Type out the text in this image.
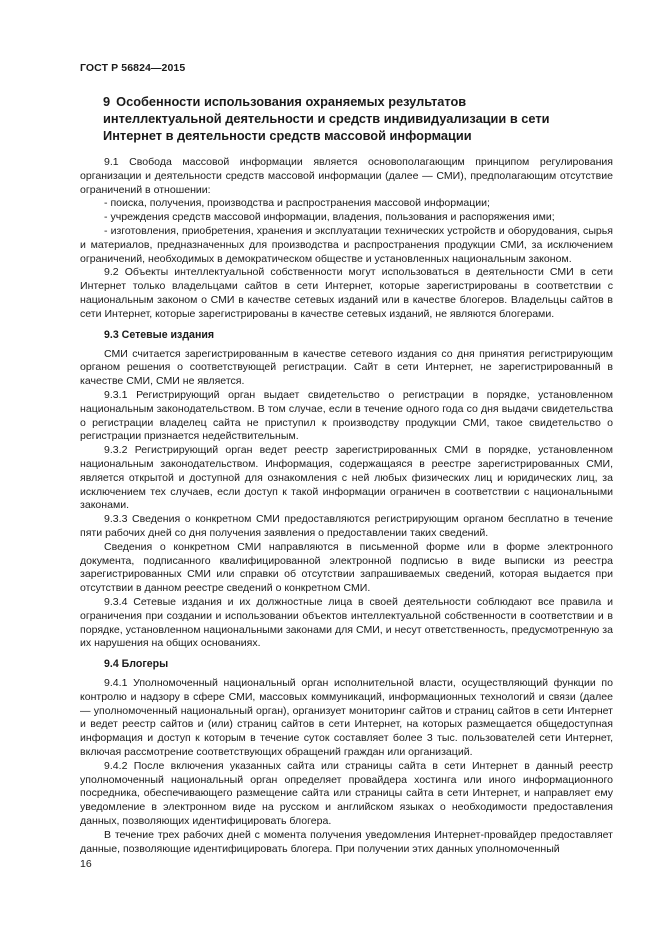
ГОСТ Р 56824—2015
9 Особенности использования охраняемых результатов интеллектуальной деятельности и средств индивидуализации в сети Интернет в деятельности средств массовой информации

9.1 Свобода массовой информации является основополагающим принципом регулирования организации и деятельности средств массовой информации (далее — СМИ), предполагающим отсутствие ограничений в отношении:

- поиска, получения, производства и распространения массовой информации;

- учреждения средств массовой информации, владения, пользования и распоряжения ими;

- изготовления, приобретения, хранения и эксплуатации технических устройств и оборудования, сырья и материалов, предназначенных для производства и распространения продукции СМИ, за исключением ограничений, необходимых в демократическом обществе и установленных национальным законом.

9.2 Объекты интеллектуальной собственности могут использоваться в деятельности СМИ в сети Интернет только владельцами сайтов в сети Интернет, которые зарегистрированы в соответствии с национальным законом о СМИ в качестве сетевых изданий или в качестве блогеров. Владельцы сайтов в сети Интернет, которые зарегистрированы в качестве сетевых изданий, не являются блогерами.

9.3 Сетевые издания

СМИ считается зарегистрированным в качестве сетевого издания со дня принятия регистрирующим органом решения о соответствующей регистрации. Сайт в сети Интернет, не зарегистрированный в качестве СМИ, СМИ не является.

9.3.1 Регистрирующий орган выдает свидетельство о регистрации в порядке, установленном национальным законодательством. В том случае, если в течение одного года со дня выдачи свидетельства о регистрации владелец сайта не приступил к производству продукции СМИ, такое свидетельство о регистрации признается недействительным.

9.3.2 Регистрирующий орган ведет реестр зарегистрированных СМИ в порядке, установленном национальным законодательством. Информация, содержащаяся в реестре зарегистрированных СМИ, является открытой и доступной для ознакомления с ней любых физических лиц и юридических лиц, за исключением тех случаев, если доступ к такой информации ограничен в соответствии с национальными законами.

9.3.3 Сведения о конкретном СМИ предоставляются регистрирующим органом бесплатно в течение пяти рабочих дней со дня получения заявления о предоставлении таких сведений.

Сведения о конкретном СМИ направляются в письменной форме или в форме электронного документа, подписанного квалифицированной электронной подписью в виде выписки из реестра зарегистрированных СМИ или справки об отсутствии запрашиваемых сведений, которая выдается при отсутствии в данном реестре сведений о конкретном СМИ.

9.3.4 Сетевые издания и их должностные лица в своей деятельности соблюдают все правила и ограничения при создании и использовании объектов интеллектуальной собственности в соответствии и в порядке, установленном национальными законами для СМИ, и несут ответственность, предусмотренную за их нарушения на общих основаниях.

9.4 Блогеры

9.4.1 Уполномоченный национальный орган исполнительной власти, осуществляющий функции по контролю и надзору в сфере СМИ, массовых коммуникаций, информационных технологий и связи (далее — уполномоченный национальный орган), организует мониторинг сайтов и страниц сайтов в сети Интернет и ведет реестр сайтов и (или) страниц сайтов в сети Интернет, на которых размещается общедоступная информация и доступ к которым в течение суток составляет более 3 тыс. пользователей сети Интернет, включая рассмотрение соответствующих обращений граждан или организаций.

9.4.2 После включения указанных сайта или страницы сайта в сети Интернет в данный реестр уполномоченный национальный орган определяет провайдера хостинга или иного информационного посредника, обеспечивающего размещение сайта или страницы сайта в сети Интернет, и направляет ему уведомление в электронном виде на русском и английском языках о необходимости предоставления данных, позволяющих идентифицировать блогера.

В течение трех рабочих дней с момента получения уведомления Интернет-провайдер предоставляет данные, позволяющие идентифицировать блогера. При получении этих данных уполномоченный

16
